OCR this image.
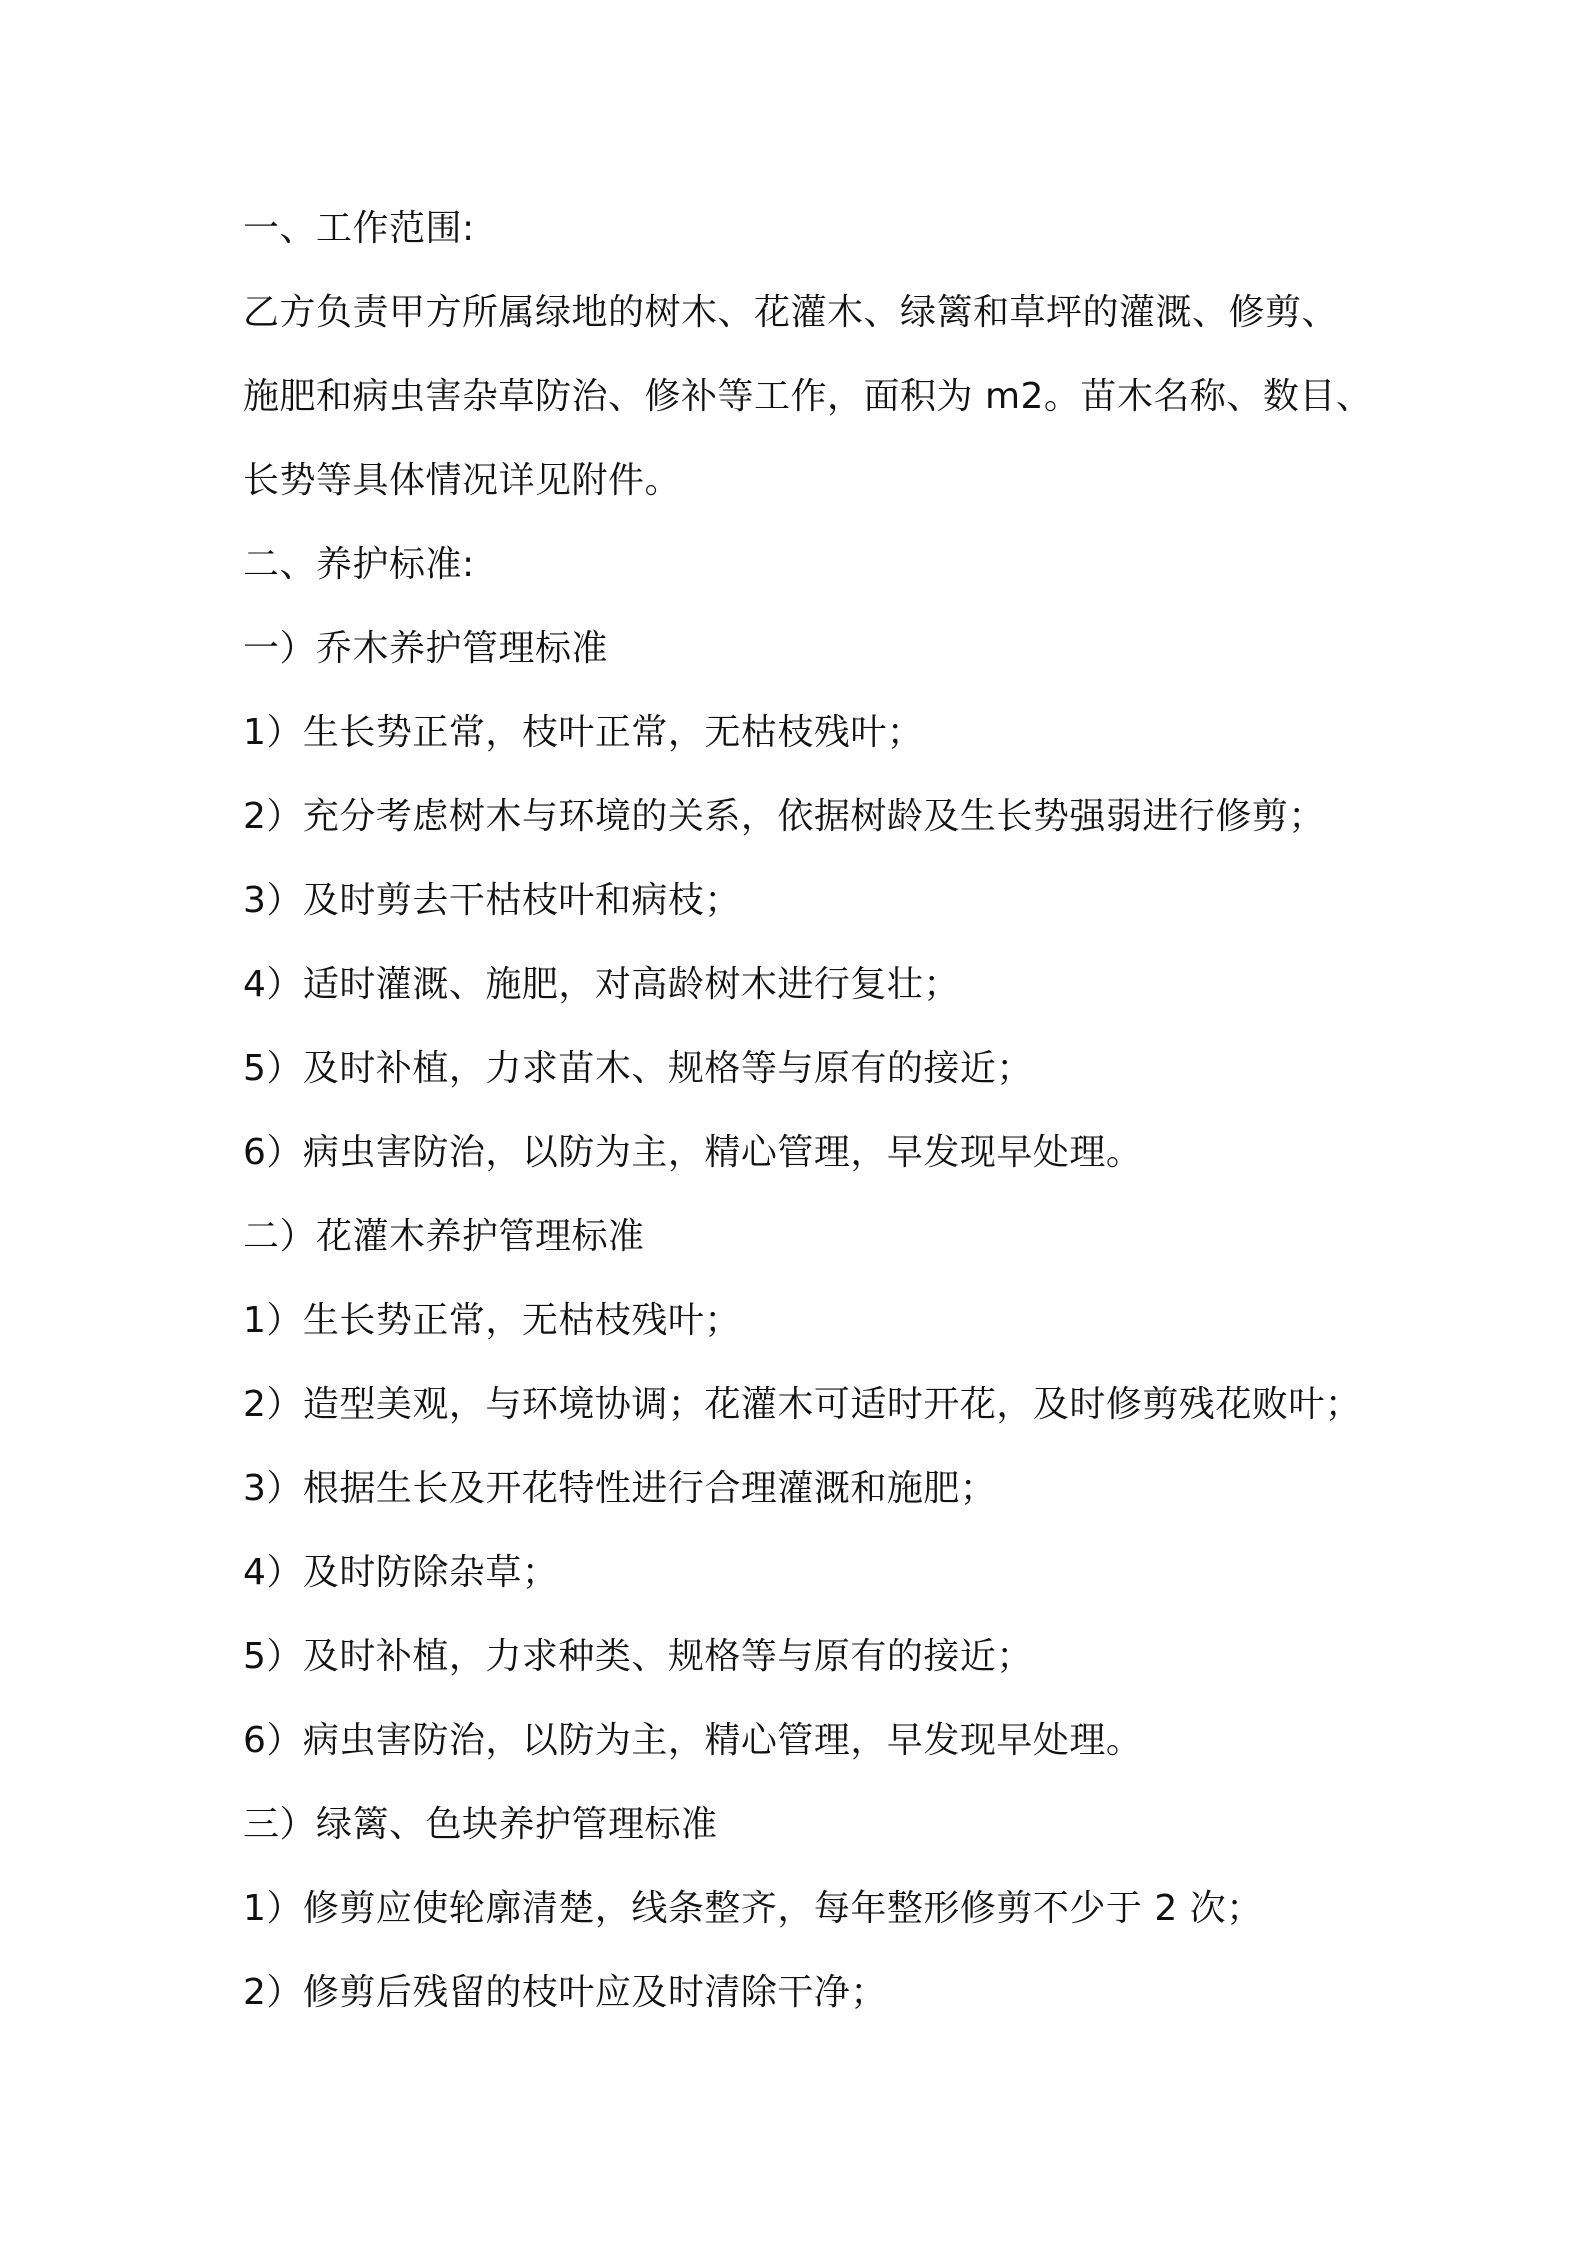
一、工作范围:
乙方负责甲方所属绿地的树木、花灌木、绿篱和草坪的灌溉、修剪、
施肥和病虫害杂草防治、修补等工作，面积为 m2。苗木名称、数目、
长势等具体情况详见附件。
二、养护标准:
一）乔木养护管理标准
1）生长势正常，枝叶正常，无枯枝残叶；
2）充分考虑树木与环境的关系，依据树龄及生长势强弱进行修剪；
3）及时剪去干枯枝叶和病枝；
4）适时灌溉、施肥，对高龄树木进行复壮；
5）及时补植，力求苗木、规格等与原有的接近；
6）病虫害防治，以防为主，精心管理，早发现早处理。
二）花灌木养护管理标准
1）生长势正常，无枯枝残叶；
2）造型美观，与环境协调；花灌木可适时开花，及时修剪残花败叶；
3）根据生长及开花特性进行合理灌溉和施肥；
4）及时防除杂草；
5）及时补植，力求种类、规格等与原有的接近；
6）病虫害防治，以防为主，精心管理，早发现早处理。
三）绿篱、色块养护管理标准
1）修剪应使轮廓清楚，线条整齐，每年整形修剪不少于 2 次；
2）修剪后残留的枝叶应及时清除干净；
